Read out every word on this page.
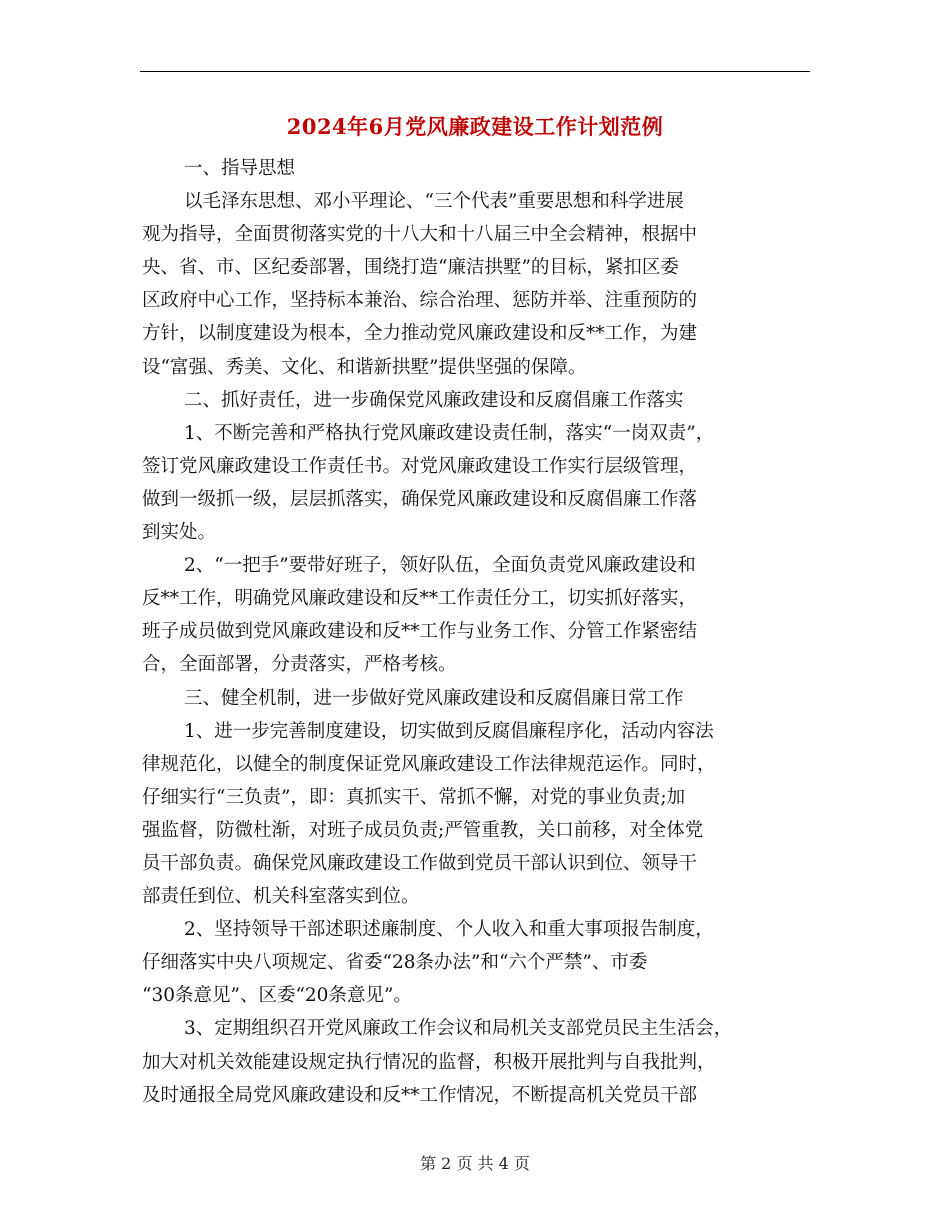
2024年6月党风廉政建设工作计划范例
一、指导思想
以毛泽东思想、邓小平理论、“三个代表”重要思想和科学进展
观为指导，全面贯彻落实党的十八大和十八届三中全会精神，根据中
央、省、市、区纪委部署，围绕打造“廉洁拱墅”的目标，紧扣区委
区政府中心工作，坚持标本兼治、综合治理、惩防并举、注重预防的
方针，以制度建设为根本，全力推动党风廉政建设和反**工作，为建
设“富强、秀美、文化、和谐新拱墅”提供坚强的保障。
二、抓好责任，进一步确保党风廉政建设和反腐倡廉工作落实
1、不断完善和严格执行党风廉政建设责任制，落实“一岗双责”，
签订党风廉政建设工作责任书。对党风廉政建设工作实行层级管理，
做到一级抓一级，层层抓落实，确保党风廉政建设和反腐倡廉工作落
到实处。
2、“一把手”要带好班子，领好队伍，全面负责党风廉政建设和
反**工作，明确党风廉政建设和反**工作责任分工，切实抓好落实，
班子成员做到党风廉政建设和反**工作与业务工作、分管工作紧密结
合，全面部署，分责落实，严格考核。
三、健全机制，进一步做好党风廉政建设和反腐倡廉日常工作
1、进一步完善制度建设，切实做到反腐倡廉程序化，活动内容法
律规范化，以健全的制度保证党风廉政建设工作法律规范运作。同时，
仔细实行“三负责”，即：真抓实干、常抓不懈，对党的事业负责;加
强监督，防微杜渐，对班子成员负责;严管重教，关口前移，对全体党
员干部负责。确保党风廉政建设工作做到党员干部认识到位、领导干
部责任到位、机关科室落实到位。
2、坚持领导干部述职述廉制度、个人收入和重大事项报告制度，
仔细落实中央八项规定、省委“28条办法”和“六个严禁”、市委
“30条意见”、区委“20条意见”。
3、定期组织召开党风廉政工作会议和局机关支部党员民主生活会，
加大对机关效能建设规定执行情况的监督，积极开展批判与自我批判，
及时通报全局党风廉政建设和反**工作情况，不断提高机关党员干部
第 2 页 共 4 页
